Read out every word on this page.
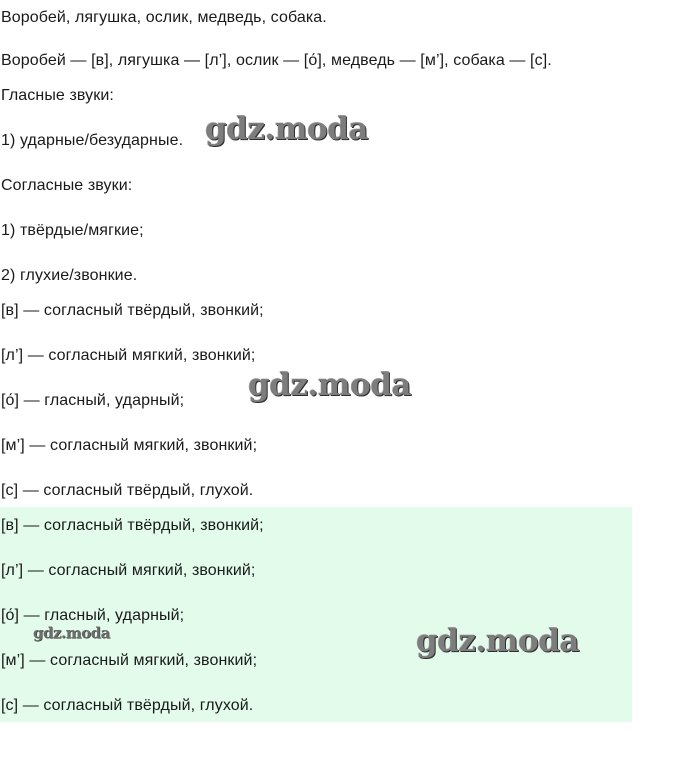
Воробей, лягушка, ослик, медведь, собака.
Воробей — [в], лягушка — [л’], ослик — [о́], медведь — [м’], собака — [с].
Гласные звуки:
1) ударные/безударные.
Согласные звуки:
1) твёрдые/мягкие;
2) глухие/звонкие.
[в] — согласный твёрдый, звонкий;
[л’] — согласный мягкий, звонкий;
[о́] — гласный, ударный;
[м’] — согласный мягкий, звонкий;
[с] — согласный твёрдый, глухой.
[в] — согласный твёрдый, звонкий;
[л’] — согласный мягкий, звонкий;
[о́] — гласный, ударный;
[м’] — согласный мягкий, звонкий;
[с] — согласный твёрдый, глухой.
gdz.moda
gdz.moda
gdz.moda	gdz.moda
